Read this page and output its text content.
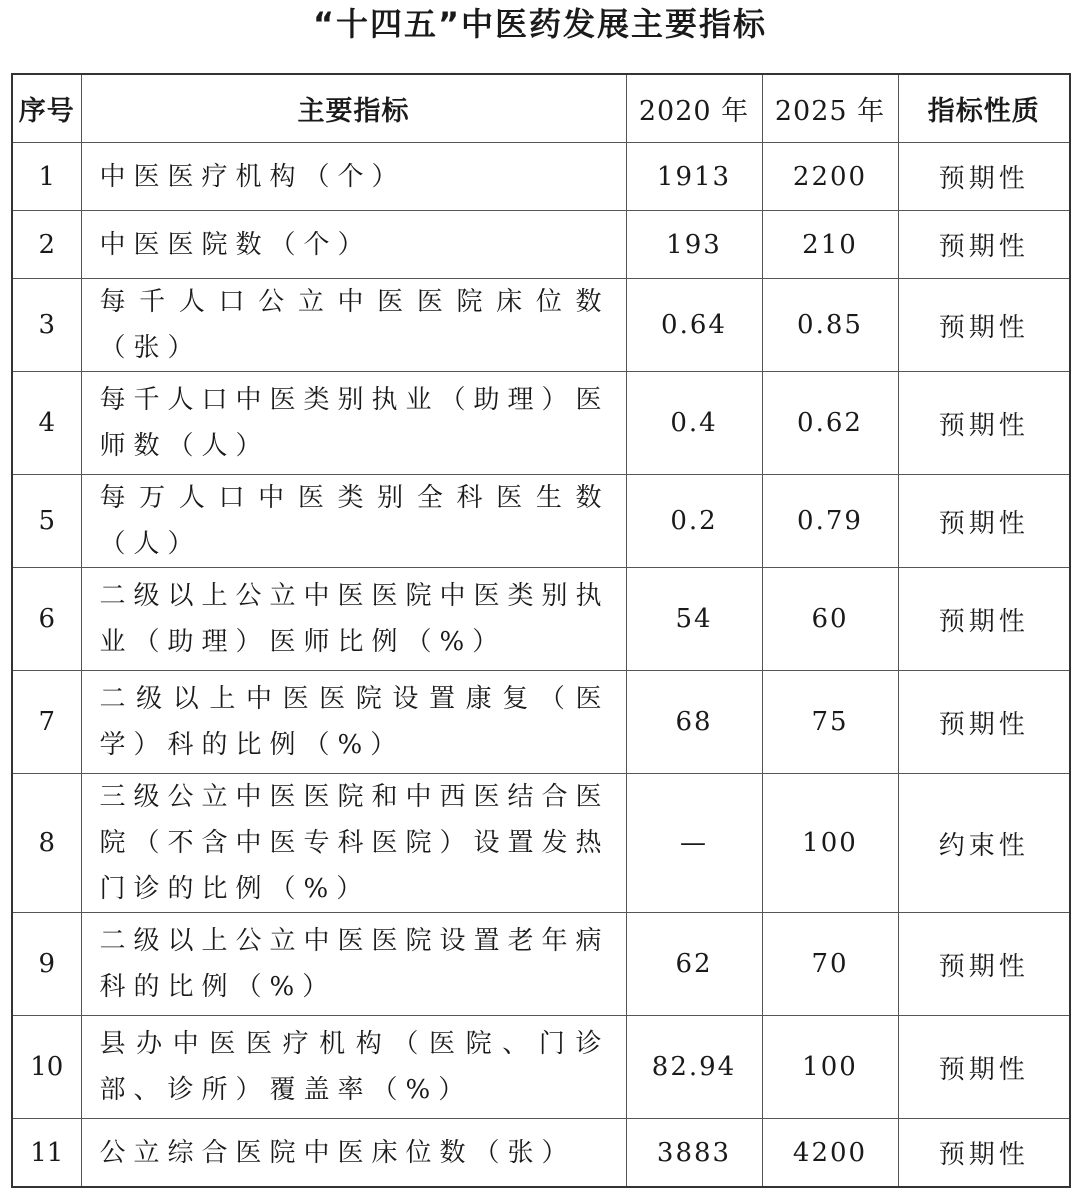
“十四五”中医药发展主要指标
序号	主要指标	2020 年	2025 年	指标性质
1	中医医疗机构（个）	1913	2200	预期性
2	中医医院数（个）	193	210	预期性
3	每千人口公立中医医院床位数（张）	0.64	0.85	预期性
4	每千人口中医类别执业（助理）医师数（人）	0.4	0.62	预期性
5	每万人口中医类别全科医生数（人）	0.2	0.79	预期性
6	二级以上公立中医医院中医类别执业（助理）医师比例（%）	54	60	预期性
7	二级以上中医医院设置康复（医学）科的比例（%）	68	75	预期性
8	三级公立中医医院和中西医结合医院（不含中医专科医院）设置发热门诊的比例（%）	—	100	约束性
9	二级以上公立中医医院设置老年病科的比例（%）	62	70	预期性
10	县办中医医疗机构（医院、门诊部、诊所）覆盖率（%）	82.94	100	预期性
11	公立综合医院中医床位数（张）	3883	4200	预期性
